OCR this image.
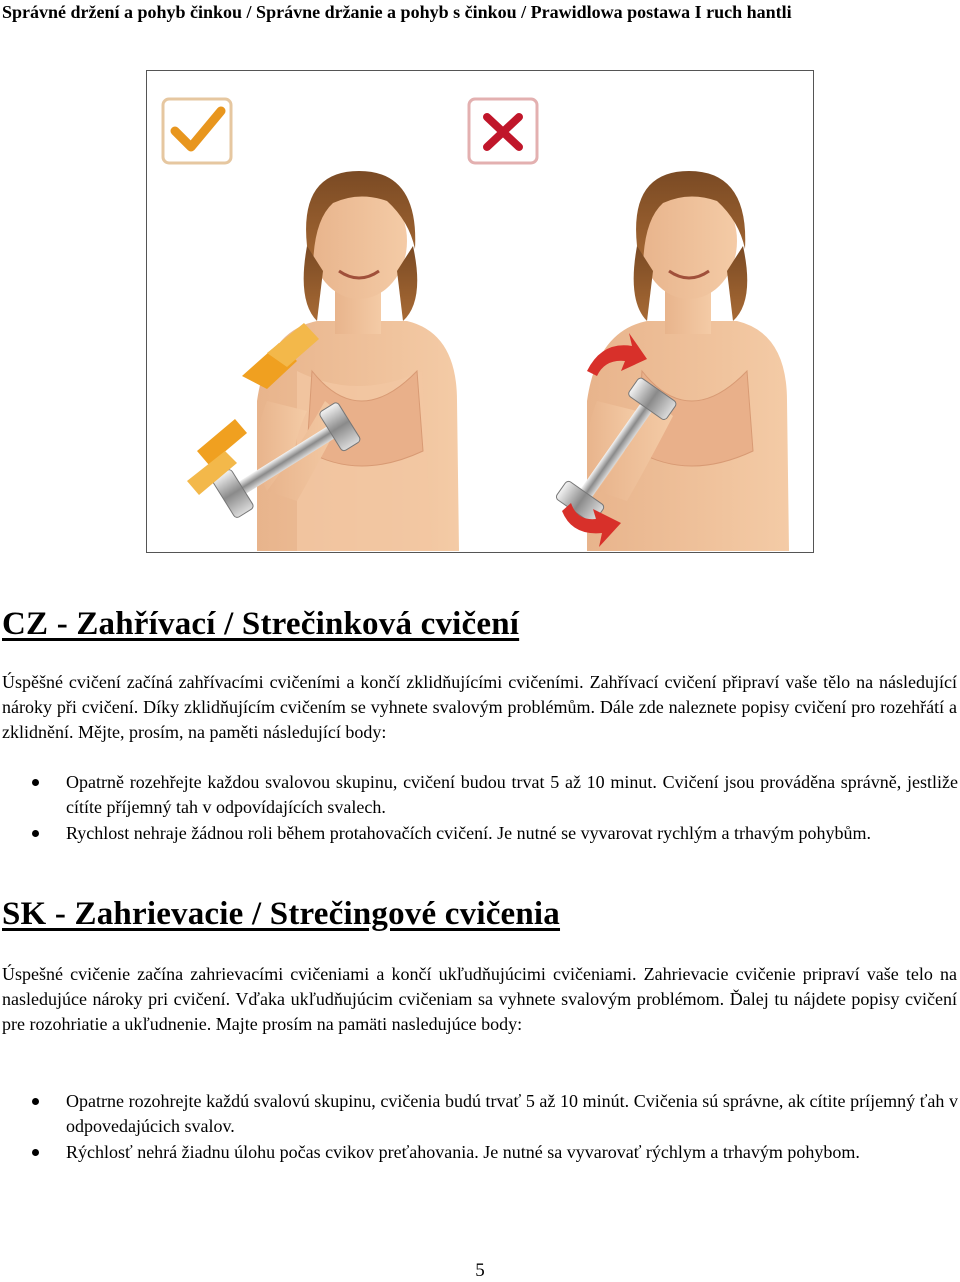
Správné držení a pohyb činkou / Správne držanie a pohyb s činkou / Prawidlowa postawa I ruch hantli
CZ - Zahřívací / Strečinková cvičení

Úspěšné cvičení začíná zahřívacími cvičeními a končí zklidňujícími cvičeními. Zahřívací cvičení připraví vaše tělo na následující nároky při cvičení. Díky zklidňujícím cvičením se vyhnete svalovým problémům. Dále zde naleznete popisy cvičení pro rozehřátí a zklidnění. Mějte, prosím, na paměti následující body:

Opatrně rozehřejte každou svalovou skupinu, cvičení budou trvat 5 až 10 minut. Cvičení jsou prováděna správně, jestliže cítíte příjemný tah v odpovídajících svalech.
Rychlost nehraje žádnou roli během protahovačích cvičení. Je nutné se vyvarovat rychlým a trhavým pohybům.
SK - Zahrievacie / Strečingové cvičenia

Úspešné cvičenie začína zahrievacími cvičeniami a končí ukľudňujúcimi cvičeniami. Zahrievacie cvičenie pripraví vaše telo na nasledujúce nároky pri cvičení. Vďaka ukľudňujúcim cvičeniam sa vyhnete svalovým problémom. Ďalej tu nájdete popisy cvičení pre rozohriatie a ukľudnenie. Majte prosím na pamäti nasledujúce body:

Opatrne rozohrejte každú svalovú skupinu, cvičenia budú trvať 5 až 10 minút. Cvičenia sú správne, ak cítite príjemný ťah v odpovedajúcich svalov.
Rýchlosť nehrá žiadnu úlohu počas cvikov preťahovania. Je nutné sa vyvarovať rýchlym a trhavým pohybom.
5
